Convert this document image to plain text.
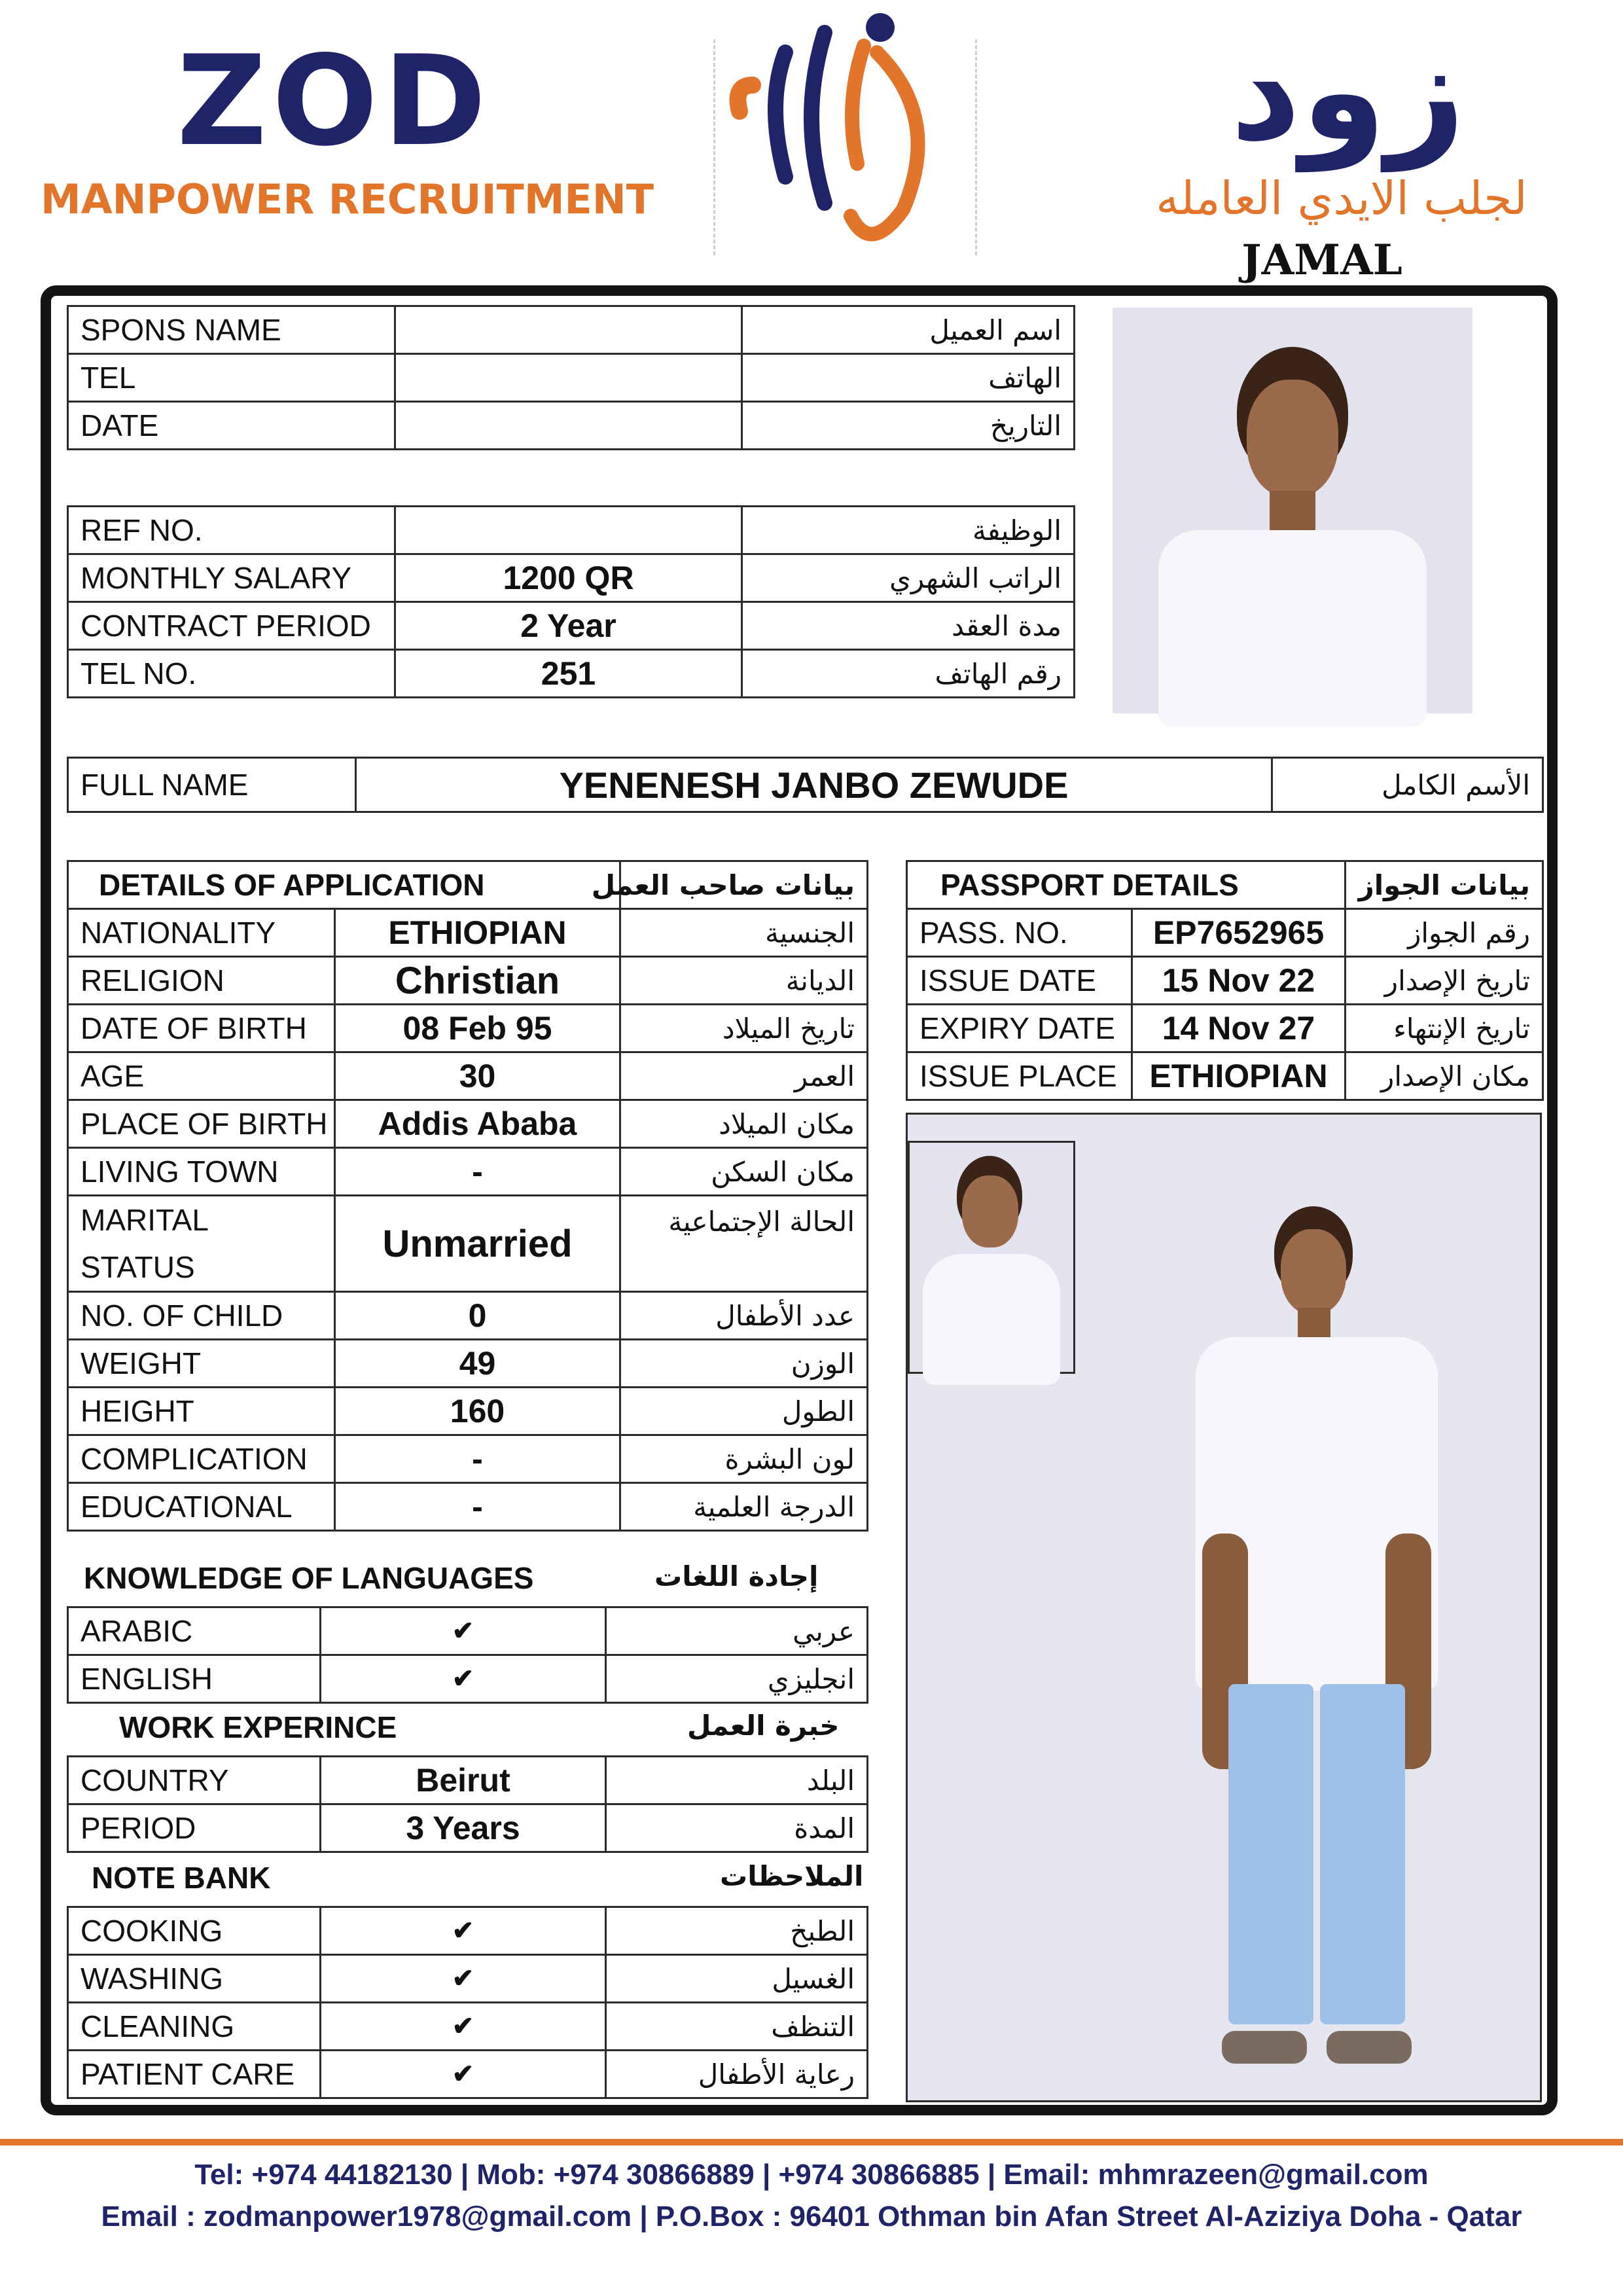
ZOD
MANPOWER RECRUITMENT
زود
لجلب الايدي العامله
JAMAL
SPONS NAME		اسم العميل
TEL		الهاتف
DATE		التاريخ
REF NO.		الوظيفة
MONTHLY SALARY	1200 QR	الراتب الشهري
CONTRACT PERIOD	2 Year	مدة العقد
TEL NO.	251	رقم الهاتف
FULL NAME	YENENESH JANBO ZEWUDE	الأسم الكامل
DETAILS OF APPLICATION		بيانات صاحب العمل
NATIONALITY	ETHIOPIAN	الجنسية
RELIGION	Christian	الديانة
DATE OF BIRTH	08 Feb 95	تاريخ الميلاد
AGE	30	العمر
PLACE OF BIRTH	Addis Ababa	مكان الميلاد
LIVING TOWN	-	مكان السكن
MARITAL
STATUS	Unmarried	الحالة الإجتماعية
NO. OF CHILD	0	عدد الأطفال
WEIGHT	49	الوزن
HEIGHT	160	الطول
COMPLICATION	-	لون البشرة
EDUCATIONAL	-	الدرجة العلمية
KNOWLEDGE OF LANGUAGES	إجادة اللغات
ARABIC	✔	عربي
ENGLISH	✔	انجليزي
WORK EXPERINCE	خبرة العمل
COUNTRY	Beirut	البلد
PERIOD	3 Years	المدة
NOTE BANK	الملاحظات
COOKING	✔	الطبخ
WASHING	✔	الغسيل
CLEANING	✔	التنظف
PATIENT CARE	✔	رعاية الأطفال
PASSPORT DETAILS		بيانات الجواز
PASS. NO.	EP7652965	رقم الجواز
ISSUE DATE	15 Nov 22	تاريخ الإصدار
EXPIRY DATE	14 Nov 27	تاريخ الإنتهاء
ISSUE PLACE	ETHIOPIAN	مكان الإصدار
Tel: +974 44182130 | Mob: +974 30866889 | +974 30866885 | Email: mhmrazeen@gmail.com
Email : zodmanpower1978@gmail.com | P.O.Box : 96401 Othman bin Afan Street Al-Aziziya Doha - Qatar
